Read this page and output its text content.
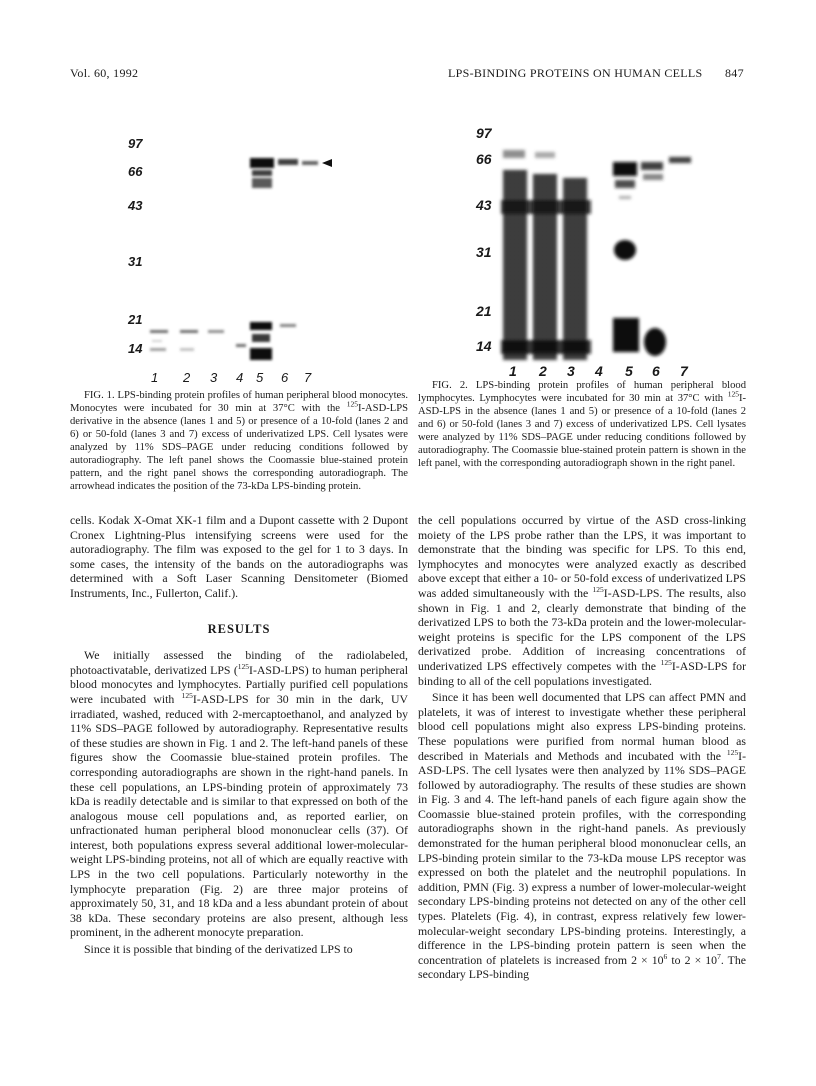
Vol. 60, 1992	LPS-BINDING PROTEINS ON HUMAN CELLS 847
97
66
43
31
21
14
1 2 3 4 5 6 7

FIG. 1. LPS-binding protein profiles of human peripheral blood monocytes. Monocytes were incubated for 30 min at 37°C with the $^{125}$I-ASD-LPS derivative in the absence (lanes 1 and 5) or presence of a 10-fold (lanes 2 and 6) or 50-fold (lanes 3 and 7) excess of underivatized LPS. Cell lysates were analyzed by 11% SDS–PAGE under reducing conditions followed by autoradiography. The left panel shows the Coomassie blue-stained protein pattern, and the right panel shows the corresponding autoradiograph. The arrowhead indicates the position of the 73-kDa LPS-binding protein.

97
66
43
31
21
14
1 2 3 4 5 6 7

FIG. 2. LPS-binding protein profiles of human peripheral blood lymphocytes. Lymphocytes were incubated for 30 min at 37°C with $^{125}$I-ASD-LPS in the absence (lanes 1 and 5) or presence of a 10-fold (lanes 2 and 6) or 50-fold (lanes 3 and 7) excess of underivatized LPS. Cell lysates were analyzed by 11% SDS–PAGE under reducing conditions followed by autoradiography. The Coomassie blue-stained protein pattern is shown in the left panel, with the corresponding autoradiograph shown in the right panel.

cells. Kodak X-Omat XK-1 film and a Dupont cassette with 2 Dupont Cronex Lightning-Plus intensifying screens were used for the autoradiography. The film was exposed to the gel for 1 to 3 days. In some cases, the intensity of the bands on the autoradiographs was determined with a Soft Laser Scanning Densitometer (Biomed Instruments, Inc., Fullerton, Calif.).

RESULTS

We initially assessed the binding of the radiolabeled, photoactivatable, derivatized LPS ($^{125}$I-ASD-LPS) to human peripheral blood monocytes and lymphocytes. Partially purified cell populations were incubated with $^{125}$I-ASD-LPS for 30 min in the dark, UV irradiated, washed, reduced with 2-mercaptoethanol, and analyzed by 11% SDS–PAGE followed by autoradiography. Representative results of these studies are shown in Fig. 1 and 2. The left-hand panels of these figures show the Coomassie blue-stained protein profiles. The corresponding autoradiographs are shown in the right-hand panels. In these cell populations, an LPS-binding protein of approximately 73 kDa is readily detectable and is similar to that expressed on both of the analogous mouse cell populations and, as reported earlier, on unfractionated human peripheral blood mononuclear cells (37). Of interest, both populations express several additional lower-molecular-weight LPS-binding proteins, not all of which are equally reactive with LPS in the two cell populations. Particularly noteworthy in the lymphocyte preparation (Fig. 2) are three major proteins of approximately 50, 31, and 18 kDa and a less abundant protein of about 38 kDa. These secondary proteins are also present, although less prominent, in the adherent monocyte preparation.

Since it is possible that binding of the derivatized LPS to

the cell populations occurred by virtue of the ASD cross-linking moiety of the LPS probe rather than the LPS, it was important to demonstrate that the binding was specific for LPS. To this end, lymphocytes and monocytes were analyzed exactly as described above except that either a 10- or 50-fold excess of underivatized LPS was added simultaneously with the $^{125}$I-ASD-LPS. The results, also shown in Fig. 1 and 2, clearly demonstrate that binding of the derivatized LPS to both the 73-kDa protein and the lower-molecular-weight proteins is specific for the LPS component of the LPS derivatized probe. Addition of increasing concentrations of underivatized LPS effectively competes with the $^{125}$I-ASD-LPS for binding to all of the cell populations investigated.

Since it has been well documented that LPS can affect PMN and platelets, it was of interest to investigate whether these peripheral blood cell populations might also express LPS-binding proteins. These populations were purified from normal human blood as described in Materials and Methods and incubated with the $^{125}$I-ASD-LPS. The cell lysates were then analyzed by 11% SDS–PAGE followed by autoradiography. The results of these studies are shown in Fig. 3 and 4. The left-hand panels of each figure again show the Coomassie blue-stained protein profiles, with the corresponding autoradiographs shown in the right-hand panels. As previously demonstrated for the human peripheral blood mononuclear cells, an LPS-binding protein similar to the 73-kDa mouse LPS receptor was expressed on both the platelet and the neutrophil populations. In addition, PMN (Fig. 3) express a number of lower-molecular-weight secondary LPS-binding proteins not detected on any of the other cell types. Platelets (Fig. 4), in contrast, express relatively few lower-molecular-weight secondary LPS-binding proteins. Interestingly, a difference in the LPS-binding protein pattern is seen when the concentration of platelets is increased from $2 \times 10^6$ to $2 \times 10^7$. The secondary LPS-binding
